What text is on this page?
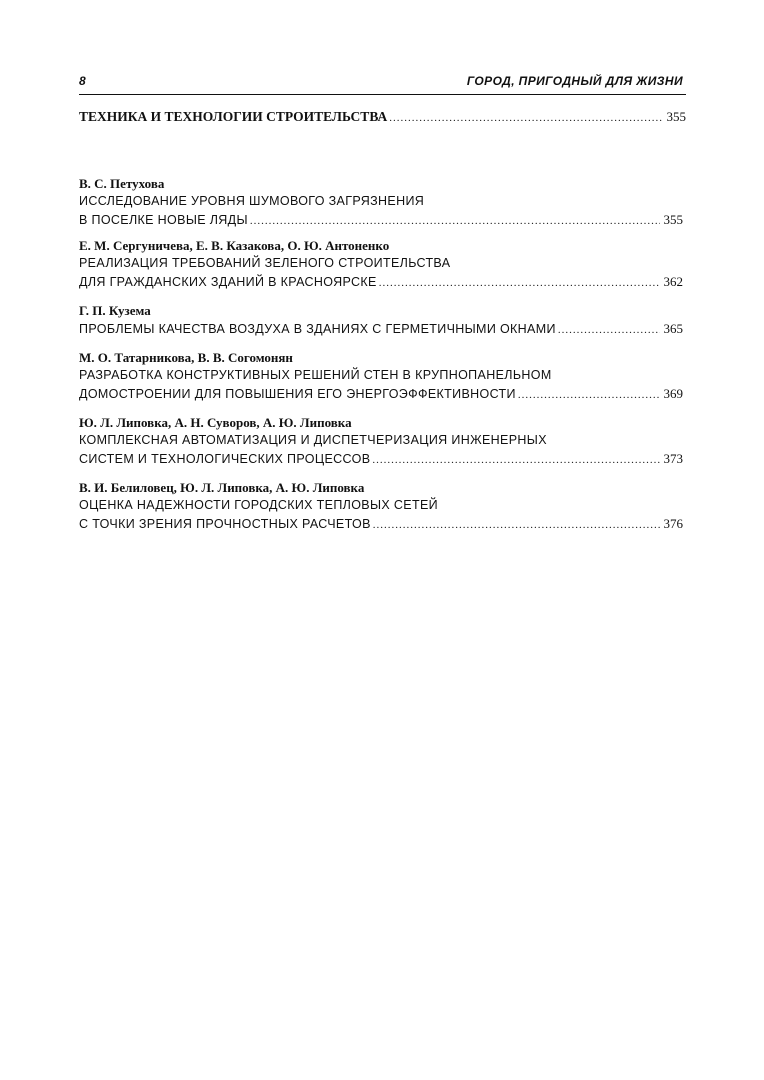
8	ГОРОД, ПРИГОДНЫЙ ДЛЯ ЖИЗНИ
ТЕХНИКА И ТЕХНОЛОГИИ СТРОИТЕЛЬСТВА .....	355
В. С. Петухова
ИССЛЕДОВАНИЕ УРОВНЯ ШУМОВОГО ЗАГРЯЗНЕНИЯ
В ПОСЕЛКЕ НОВЫЕ ЛЯДЫ .....	355
Е. М. Сергуничева, Е. В. Казакова, О. Ю. Антоненко
РЕАЛИЗАЦИЯ ТРЕБОВАНИЙ ЗЕЛЕНОГО СТРОИТЕЛЬСТВА
ДЛЯ ГРАЖДАНСКИХ ЗДАНИЙ В КРАСНОЯРСКЕ .....	362
Г. П. Кузема
ПРОБЛЕМЫ КАЧЕСТВА ВОЗДУХА В ЗДАНИЯХ С ГЕРМЕТИЧНЫМИ ОКНАМИ .....	365
М. О. Татарникова, В. В. Согомонян
РАЗРАБОТКА КОНСТРУКТИВНЫХ РЕШЕНИЙ СТЕН В КРУПНОПАНЕЛЬНОМ
ДОМОСТРОЕНИИ ДЛЯ ПОВЫШЕНИЯ ЕГО ЭНЕРГОЭФФЕКТИВНОСТИ .....	369
Ю. Л. Липовка, А. Н. Суворов, А. Ю. Липовка
КОМПЛЕКСНАЯ АВТОМАТИЗАЦИЯ И ДИСПЕТЧЕРИЗАЦИЯ ИНЖЕНЕРНЫХ
СИСТЕМ И ТЕХНОЛОГИЧЕСКИХ ПРОЦЕССОВ .....	373
В. И. Белиловец, Ю. Л. Липовка, А. Ю. Липовка
ОЦЕНКА НАДЕЖНОСТИ ГОРОДСКИХ ТЕПЛОВЫХ СЕТЕЙ
С ТОЧКИ ЗРЕНИЯ ПРОЧНОСТНЫХ РАСЧЕТОВ .....	376
